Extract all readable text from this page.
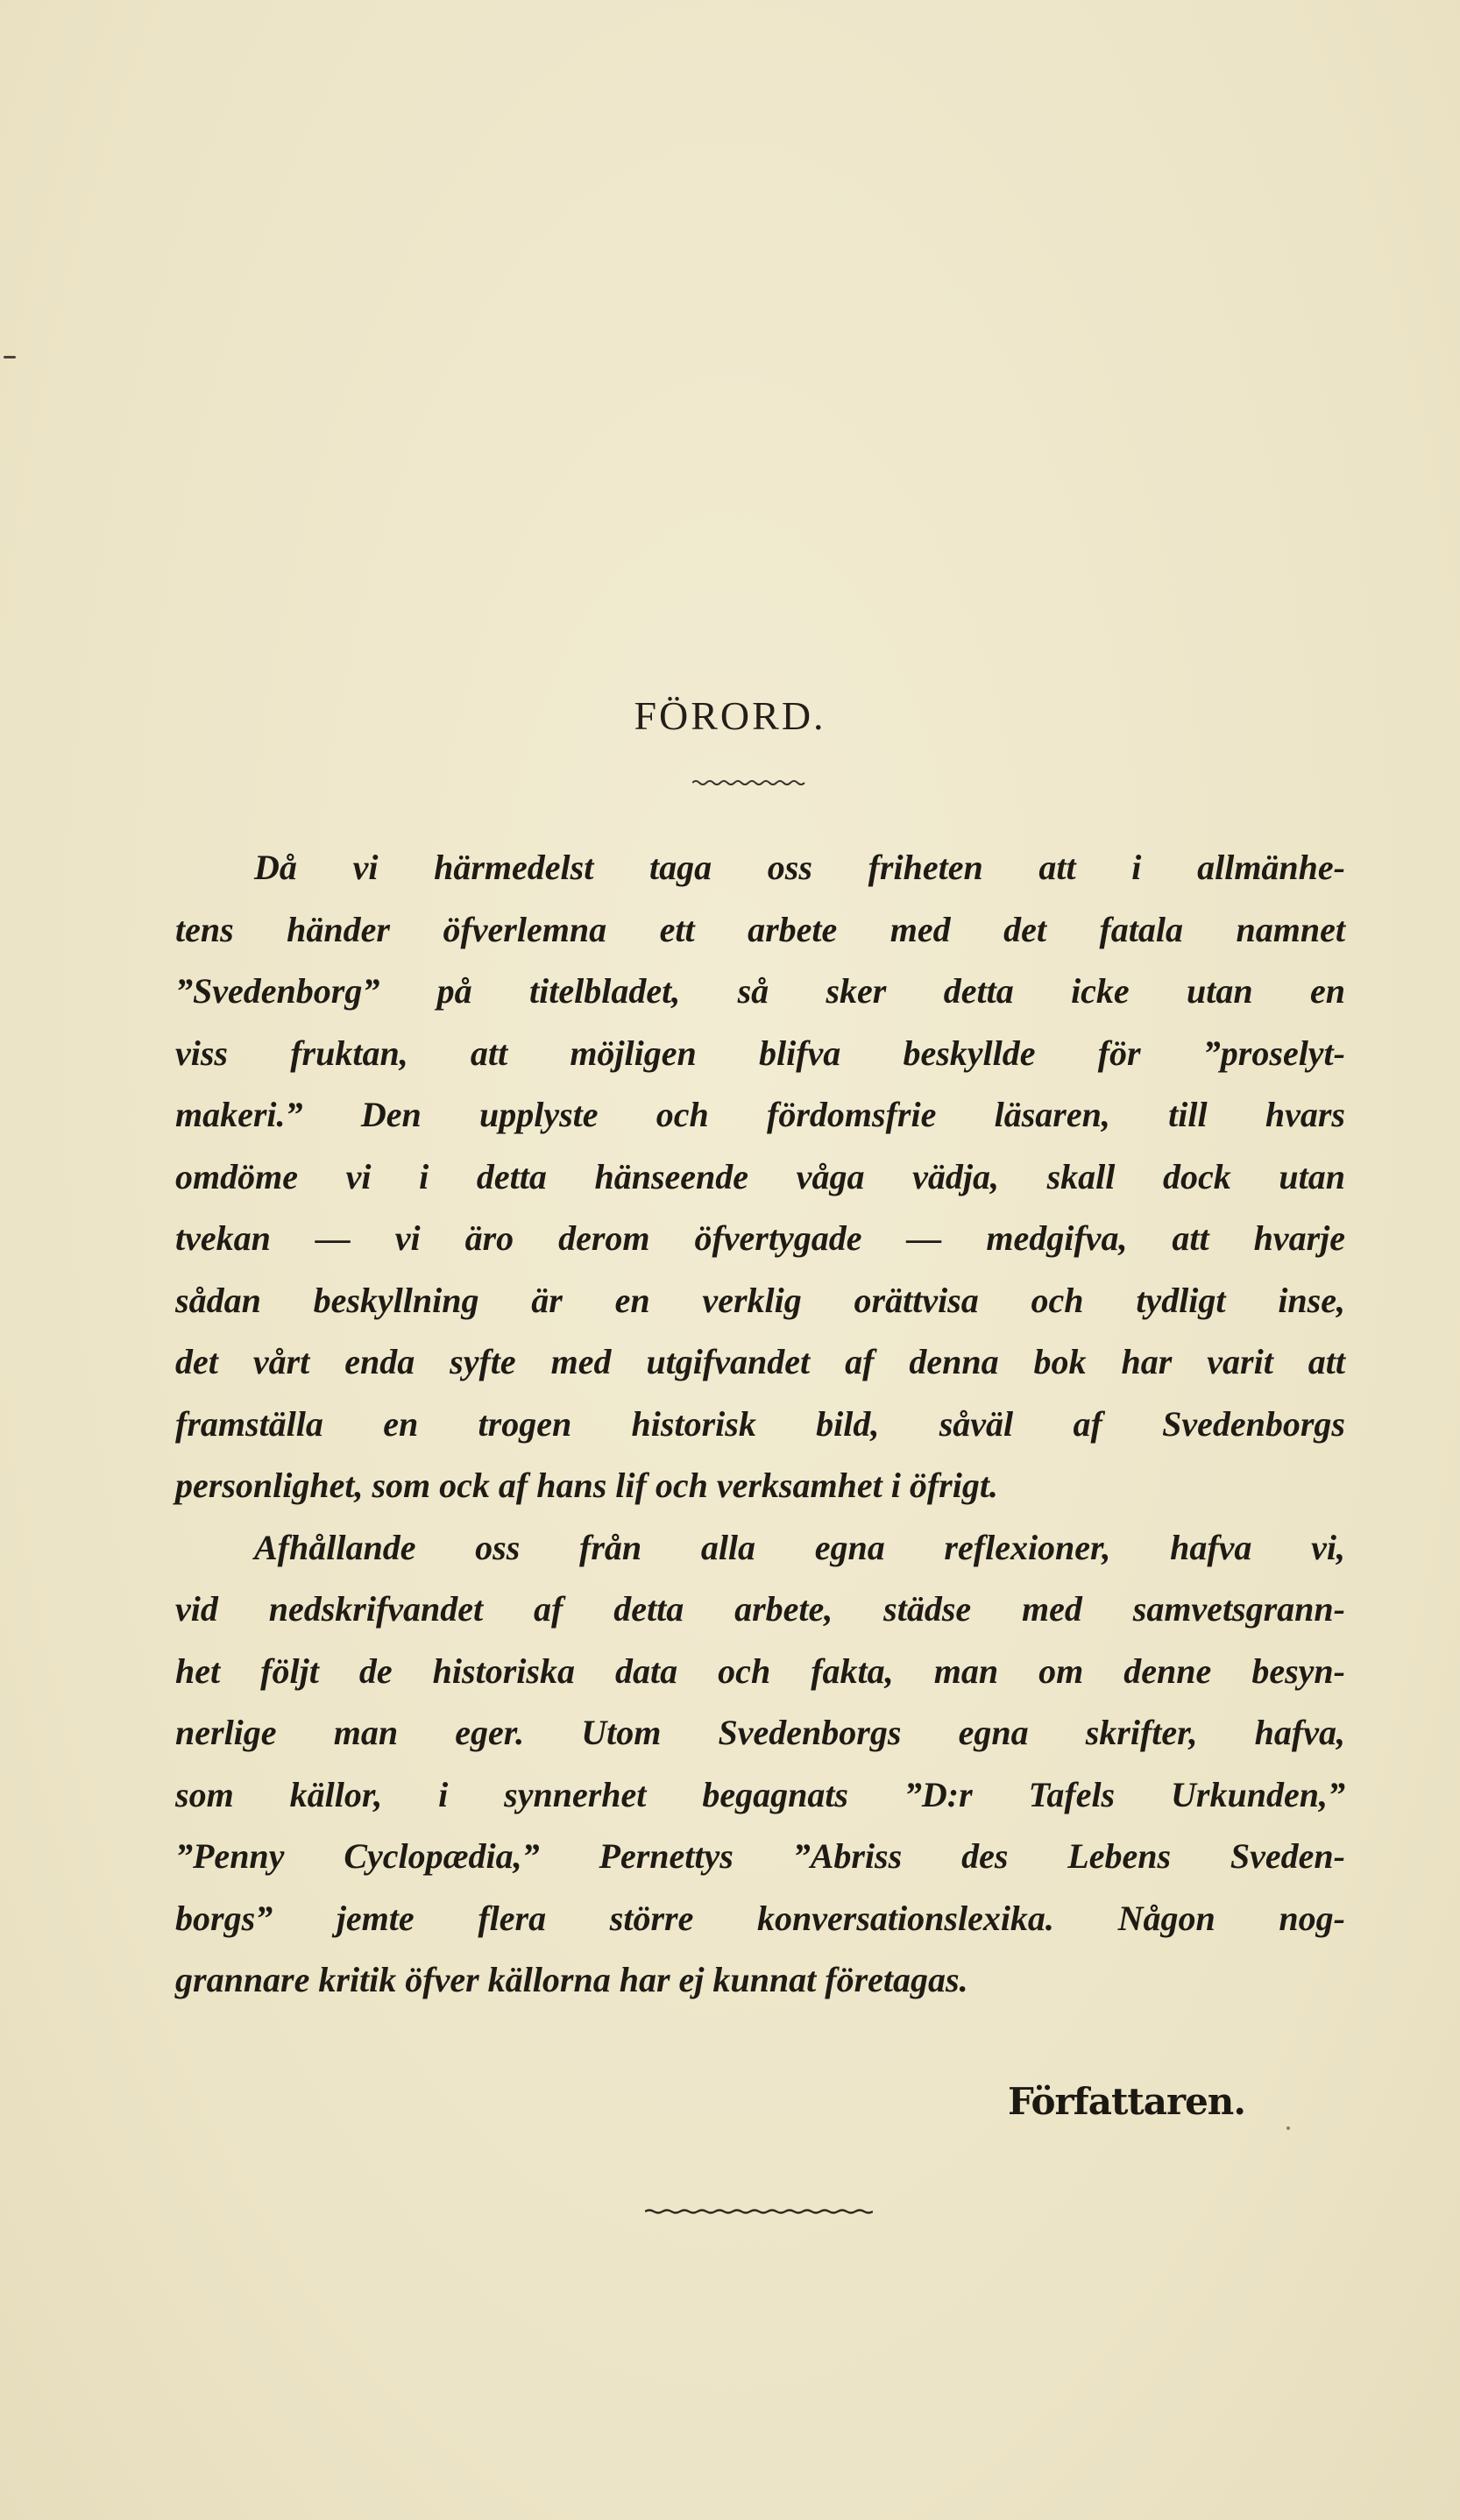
FÖRORD.
Då vi härmedelst taga oss friheten att i allmänhe-
tens händer öfverlemna ett arbete med det fatala namnet
”Svedenborg” på titelbladet, så sker detta icke utan en
viss fruktan, att möjligen blifva beskyllde för ”proselyt-
makeri.” Den upplyste och fördomsfrie läsaren, till hvars
omdöme vi i detta hänseende våga vädja, skall dock utan
tvekan — vi äro derom öfvertygade — medgifva, att hvarje
sådan beskyllning är en verklig orättvisa och tydligt inse,
det vårt enda syfte med utgifvandet af denna bok har varit att
framställa en trogen historisk bild, såväl af Svedenborgs
personlighet, som ock af hans lif och verksamhet i öfrigt.
Afhållande oss från alla egna reflexioner, hafva vi,
vid nedskrifvandet af detta arbete, städse med samvetsgrann-
het följt de historiska data och fakta, man om denne besyn-
nerlige man eger. Utom Svedenborgs egna skrifter, hafva,
som källor, i synnerhet begagnats ”D:r Tafels Urkunden,”
”Penny Cyclopædia,” Pernettys ”Abriss des Lebens Sveden-
borgs” jemte flera större konversationslexika. Någon nog-
grannare kritik öfver källorna har ej kunnat företagas.
Författaren.
